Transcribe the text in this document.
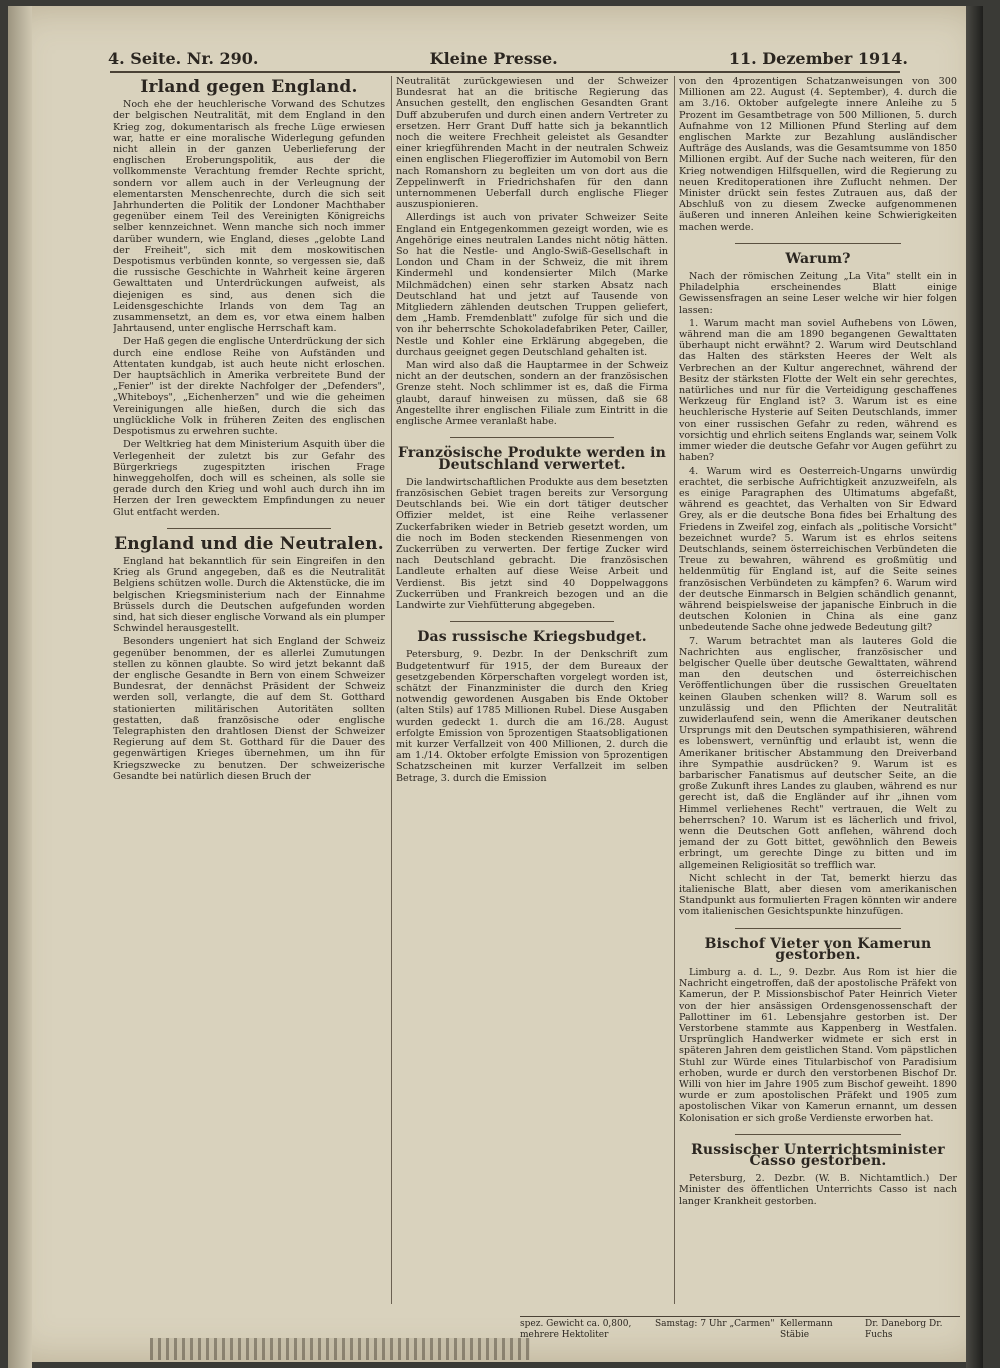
4. Seite. Nr. 290.	Kleine Presse.	11. Dezember 1914.
Irland gegen England.

Noch ehe der heuchlerische Vorwand des Schutzes der belgischen Neutralität, mit dem England in den Krieg zog, dokumentarisch als freche Lüge erwiesen war, hatte er eine moralische Widerlegung gefunden nicht allein in der ganzen Ueberlieferung der englischen Eroberungspolitik, aus der die vollkommenste Verachtung fremder Rechte spricht, sondern vor allem auch in der Verleugnung der elementarsten Menschenrechte, durch die sich seit Jahrhunderten die Politik der Londoner Machthaber gegenüber einem Teil des Vereinigten Königreichs selber kennzeichnet. Wenn manche sich noch immer darüber wundern, wie England, dieses „gelobte Land der Freiheit", sich mit dem moskowitischen Despotismus verbünden konnte, so vergessen sie, daß die russische Geschichte in Wahrheit keine ärgeren Gewalttaten und Unterdrückungen aufweist, als diejenigen es sind, aus denen sich die Leidensgeschichte Irlands von dem Tag an zusammensetzt, an dem es, vor etwa einem halben Jahrtausend, unter englische Herrschaft kam.

Der Haß gegen die englische Unterdrückung der sich durch eine endlose Reihe von Aufständen und Attentaten kundgab, ist auch heute nicht erloschen. Der hauptsächlich in Amerika verbreitete Bund der „Fenier" ist der direkte Nachfolger der „Defenders", „Whiteboys", „Eichenherzen" und wie die geheimen Vereinigungen alle hießen, durch die sich das unglückliche Volk in früheren Zeiten des englischen Despotismus zu erwehren suchte.

Der Weltkrieg hat dem Ministerium Asquith über die Verlegenheit der zuletzt bis zur Gefahr des Bürgerkriegs zugespitzten irischen Frage hinweggeholfen, doch will es scheinen, als solle sie gerade durch den Krieg und wohl auch durch ihn im Herzen der Iren gewecktem Empfindungen zu neuer Glut entfacht werden.

England und die Neutralen.

England hat bekanntlich für sein Eingreifen in den Krieg als Grund angegeben, daß es die Neutralität Belgiens schützen wolle. Durch die Aktenstücke, die im belgischen Kriegsministerium nach der Einnahme Brüssels durch die Deutschen aufgefunden worden sind, hat sich dieser englische Vorwand als ein plumper Schwindel herausgestellt.

Besonders ungeniert hat sich England der Schweiz gegenüber benommen, der es allerlei Zumutungen stellen zu können glaubte. So wird jetzt bekannt daß der englische Gesandte in Bern von einem Schweizer Bundesrat, der dennächst Präsident der Schweiz werden soll, verlangte, die auf dem St. Gotthard stationierten militärischen Autoritäten sollten gestatten, daß französische oder englische Telegraphisten den drahtlosen Dienst der Schweizer Regierung auf dem St. Gotthard für die Dauer des gegenwärtigen Krieges übernehmen, um ihn für Kriegszwecke zu benutzen. Der schweizerische Gesandte bei natürlich diesen Bruch der

Neutralität zurückgewiesen und der Schweizer Bundesrat hat an die britische Regierung das Ansuchen gestellt, den englischen Gesandten Grant Duff abzuberufen und durch einen andern Vertreter zu ersetzen. Herr Grant Duff hatte sich ja bekanntlich noch die weitere Frechheit geleistet als Gesandter einer kriegführenden Macht in der neutralen Schweiz einen englischen Fliegeroffizier im Automobil von Bern nach Romanshorn zu begleiten um von dort aus die Zeppelinwerft in Friedrichshafen für den dann unternommenen Ueberfall durch englische Flieger auszuspionieren.

Allerdings ist auch von privater Schweizer Seite England ein Entgegenkommen gezeigt worden, wie es Angehörige eines neutralen Landes nicht nötig hätten. So hat die Nestle- und Anglo-Swiß-Gesellschaft in London und Cham in der Schweiz, die mit ihrem Kindermehl und kondensierter Milch (Marke Milchmädchen) einen sehr starken Absatz nach Deutschland hat und jetzt auf Tausende von Mitgliedern zählenden deutschen Truppen geliefert, dem „Hamb. Fremdenblatt" zufolge für sich und die von ihr beherrschte Schokoladefabriken Peter, Cailler, Nestle und Kohler eine Erklärung abgegeben, die durchaus geeignet gegen Deutschland gehalten ist.

Man wird also daß die Hauptarmee in der Schweiz nicht an der deutschen, sondern an der französischen Grenze steht. Noch schlimmer ist es, daß die Firma glaubt, darauf hinweisen zu müssen, daß sie 68 Angestellte ihrer englischen Filiale zum Eintritt in die englische Armee veranlaßt habe.

Französische Produkte werden in Deutschland verwertet.

Die landwirtschaftlichen Produkte aus dem besetzten französischen Gebiet tragen bereits zur Versorgung Deutschlands bei. Wie ein dort tätiger deutscher Offizier meldet, ist eine Reihe verlassener Zuckerfabriken wieder in Betrieb gesetzt worden, um die noch im Boden steckenden Riesenmengen von Zuckerrüben zu verwerten. Der fertige Zucker wird nach Deutschland gebracht. Die französischen Landleute erhalten auf diese Weise Arbeit und Verdienst. Bis jetzt sind 40 Doppelwaggons Zuckerrüben und Frankreich bezogen und an die Landwirte zur Viehfütterung abgegeben.

Das russische Kriegsbudget.

Petersburg, 9. Dezbr. In der Denkschrift zum Budgetentwurf für 1915, der dem Bureaux der gesetzgebenden Körperschaften vorgelegt worden ist, schätzt der Finanzminister die durch den Krieg notwendig gewordenen Ausgaben bis Ende Oktober (alten Stils) auf 1785 Millionen Rubel. Diese Ausgaben wurden gedeckt 1. durch die am 16./28. August erfolgte Emission von 5prozentigen Staatsobligationen mit kurzer Verfallzeit von 400 Millionen, 2. durch die am 1./14. Oktober erfolgte Emission von 5prozentigen Schatzscheinen mit kurzer Verfallzeit im selben Betrage, 3. durch die Emission

von den 4prozentigen Schatzanweisungen von 300 Millionen am 22. August (4. September), 4. durch die am 3./16. Oktober aufgelegte innere Anleihe zu 5 Prozent im Gesamtbetrage von 500 Millionen, 5. durch Aufnahme von 12 Millionen Pfund Sterling auf dem englischen Markte zur Bezahlung ausländischer Aufträge des Auslands, was die Gesamtsumme von 1850 Millionen ergibt. Auf der Suche nach weiteren, für den Krieg notwendigen Hilfsquellen, wird die Regierung zu neuen Kreditoperationen ihre Zuflucht nehmen. Der Minister drückt sein festes Zutrauen aus, daß der Abschluß von zu diesem Zwecke aufgenommenen äußeren und inneren Anleihen keine Schwierigkeiten machen werde.

Warum?

Nach der römischen Zeitung „La Vita" stellt ein in Philadelphia erscheinendes Blatt einige Gewissensfragen an seine Leser welche wir hier folgen lassen:

1. Warum macht man soviel Aufhebens von Löwen, während man die am 1890 begangenen Gewalttaten überhaupt nicht erwähnt? 2. Warum wird Deutschland das Halten des stärksten Heeres der Welt als Verbrechen an der Kultur angerechnet, während der Besitz der stärksten Flotte der Welt ein sehr gerechtes, natürliches und nur für die Verteidigung geschaffenes Werkzeug für England ist? 3. Warum ist es eine heuchlerische Hysterie auf Seiten Deutschlands, immer von einer russischen Gefahr zu reden, während es vorsichtig und ehrlich seitens Englands war, seinem Volk immer wieder die deutsche Gefahr vor Augen geführt zu haben?

4. Warum wird es Oesterreich-Ungarns unwürdig erachtet, die serbische Aufrichtigkeit anzuzweifeln, als es einige Paragraphen des Ultimatums abgefaßt, während es geachtet, das Verhalten von Sir Edward Grey, als er die deutsche Bona fides bei Erhaltung des Friedens in Zweifel zog, einfach als „politische Vorsicht" bezeichnet wurde? 5. Warum ist es ehrlos seitens Deutschlands, seinem österreichischen Verbündeten die Treue zu bewahren, während es großmütig und heldenmütig für England ist, auf die Seite seines französischen Verbündeten zu kämpfen? 6. Warum wird der deutsche Einmarsch in Belgien schändlich genannt, während beispielsweise der japanische Einbruch in die deutschen Kolonien in China als eine ganz unbedeutende Sache ohne jedwede Bedeutung gilt?

7. Warum betrachtet man als lauteres Gold die Nachrichten aus englischer, französischer und belgischer Quelle über deutsche Gewalttaten, während man den deutschen und österreichischen Veröffentlichungen über die russischen Greueltaten keinen Glauben schenken will? 8. Warum soll es unzulässig und den Pflichten der Neutralität zuwiderlaufend sein, wenn die Amerikaner deutschen Ursprungs mit den Deutschen sympathisieren, während es lobenswert, vernünftig und erlaubt ist, wenn die Amerikaner britischer Abstammung den Dreiverband ihre Sympathie ausdrücken? 9. Warum ist es barbarischer Fanatismus auf deutscher Seite, an die große Zukunft ihres Landes zu glauben, während es nur gerecht ist, daß die Engländer auf ihr „ihnen vom Himmel verliehenes Recht" vertrauen, die Welt zu beherrschen? 10. Warum ist es lächerlich und frivol, wenn die Deutschen Gott anflehen, während doch jemand der zu Gott bittet, gewöhnlich den Beweis erbringt, um gerechte Dinge zu bitten und im allgemeinen Religiosität so trefflich war.

Nicht schlecht in der Tat, bemerkt hierzu das italienische Blatt, aber diesen vom amerikanischen Standpunkt aus formulierten Fragen könnten wir andere vom italienischen Gesichtspunkte hinzufügen.

Bischof Vieter von Kamerun gestorben.

Limburg a. d. L., 9. Dezbr. Aus Rom ist hier die Nachricht eingetroffen, daß der apostolische Präfekt von Kamerun, der P. Missionsbischof Pater Heinrich Vieter von der hier ansässigen Ordensgenossenschaft der Pallottiner im 61. Lebensjahre gestorben ist. Der Verstorbene stammte aus Kappenberg in Westfalen. Ursprünglich Handwerker widmete er sich erst in späteren Jahren dem geistlichen Stand. Vom päpstlichen Stuhl zur Würde eines Titularbischof von Paradisium erhoben, wurde er durch den verstorbenen Bischof Dr. Willi von hier im Jahre 1905 zum Bischof geweiht. 1890 wurde er zum apostolischen Präfekt und 1905 zum apostolischen Vikar von Kamerun ernannt, um dessen Kolonisation er sich große Verdienste erworben hat.

Russischer Unterrichtsminister Casso gestorben.

Petersburg, 2. Dezbr. (W. B. Nichtamtlich.) Der Minister des öffentlichen Unterrichts Casso ist nach langer Krankheit gestorben.

spez. Gewicht ca. 0,800, mehrere Hektoliter
Samstag: 7 Uhr „Carmen" Kellermann Stäbie
Dr. Daneborg Dr. Fuchs
